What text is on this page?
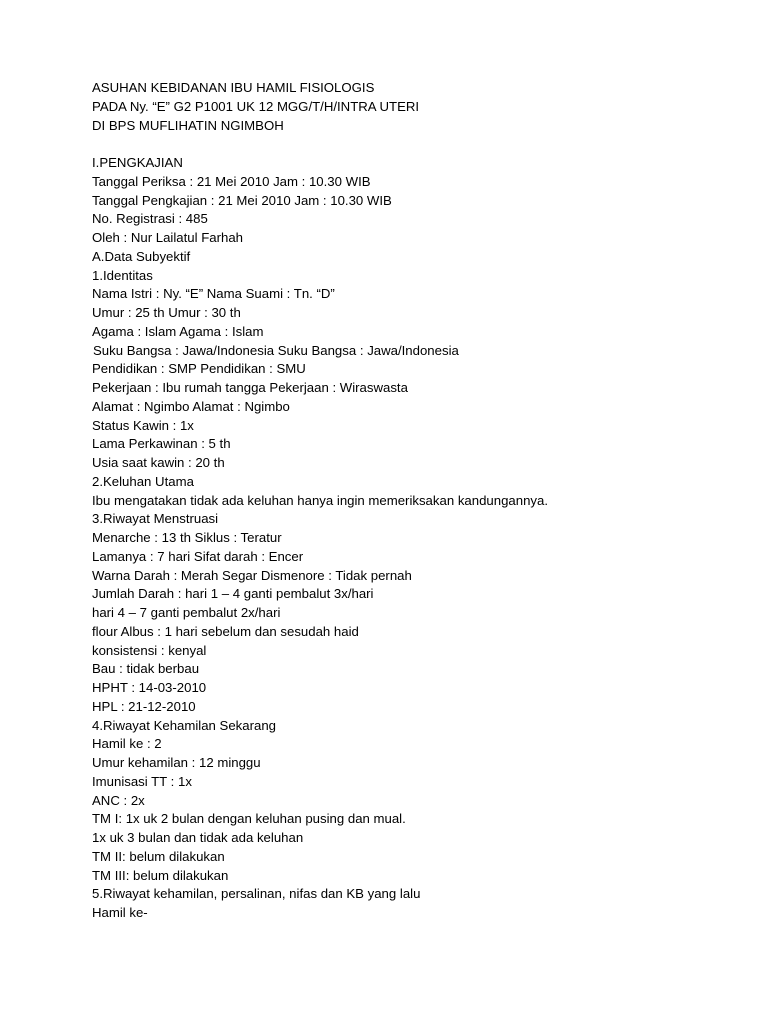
ASUHAN KEBIDANAN IBU HAMIL FISIOLOGIS
PADA Ny. “E” G2 P1001 UK 12 MGG/T/H/INTRA UTERI
DI BPS MUFLIHATIN NGIMBOH
I.PENGKAJIAN
Tanggal Periksa : 21 Mei 2010 Jam : 10.30 WIB
Tanggal Pengkajian : 21 Mei 2010 Jam : 10.30 WIB
No. Registrasi : 485
Oleh : Nur Lailatul Farhah
A.Data Subyektif
1.Identitas
Nama Istri : Ny. “E” Nama Suami : Tn. “D”
Umur : 25 th Umur : 30 th
Agama : Islam Agama : Islam
Suku Bangsa : Jawa/Indonesia Suku Bangsa : Jawa/Indonesia
Pendidikan : SMP Pendidikan : SMU
Pekerjaan : Ibu rumah tangga Pekerjaan : Wiraswasta
Alamat : Ngimbo Alamat : Ngimbo
Status Kawin : 1x
Lama Perkawinan : 5 th
Usia saat kawin : 20 th
2.Keluhan Utama
Ibu mengatakan tidak ada keluhan hanya ingin memeriksakan kandungannya.
3.Riwayat Menstruasi
Menarche : 13 th Siklus : Teratur
Lamanya : 7 hari Sifat darah : Encer
Warna Darah : Merah Segar Dismenore : Tidak pernah
Jumlah Darah : hari 1 – 4 ganti pembalut 3x/hari
hari 4 – 7 ganti pembalut 2x/hari
flour Albus : 1 hari sebelum dan sesudah haid
konsistensi : kenyal
Bau : tidak berbau
HPHT : 14-03-2010
HPL : 21-12-2010
4.Riwayat Kehamilan Sekarang
Hamil ke : 2
Umur kehamilan : 12 minggu
Imunisasi TT : 1x
ANC : 2x
TM I: 1x uk 2 bulan dengan keluhan pusing dan mual.
1x uk 3 bulan dan tidak ada keluhan
TM II: belum dilakukan
TM III: belum dilakukan
5.Riwayat kehamilan, persalinan, nifas dan KB yang lalu
Hamil ke-
